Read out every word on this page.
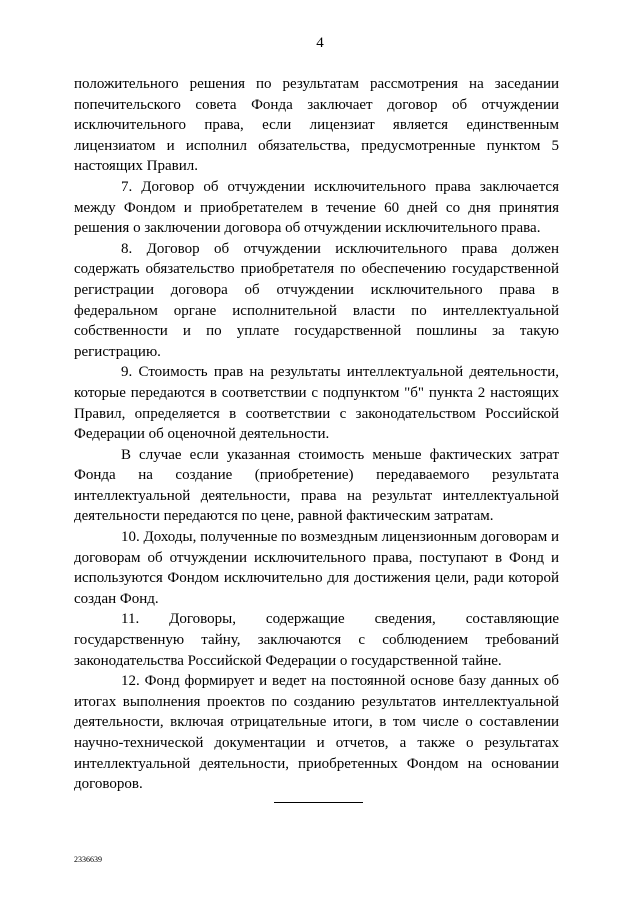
4

положительного решения по результатам рассмотрения на заседании попечительского совета Фонда заключает договор об отчуждении исключительного права, если лицензиат является единственным лицензиатом и исполнил обязательства, предусмотренные пунктом 5 настоящих Правил.

7. Договор об отчуждении исключительного права заключается между Фондом и приобретателем в течение 60 дней со дня принятия решения о заключении договора об отчуждении исключительного права.

8. Договор об отчуждении исключительного права должен содержать обязательство приобретателя по обеспечению государственной регистрации договора об отчуждении исключительного права в федеральном органе исполнительной власти по интеллектуальной собственности и по уплате государственной пошлины за такую регистрацию.

9. Стоимость прав на результаты интеллектуальной деятельности, которые передаются в соответствии с подпунктом "б" пункта 2 настоящих Правил, определяется в соответствии с законодательством Российской Федерации об оценочной деятельности.

В случае если указанная стоимость меньше фактических затрат Фонда на создание (приобретение) передаваемого результата интеллектуальной деятельности, права на результат интеллектуальной деятельности передаются по цене, равной фактическим затратам.

10. Доходы, полученные по возмездным лицензионным договорам и договорам об отчуждении исключительного права, поступают в Фонд и используются Фондом исключительно для достижения цели, ради которой создан Фонд.

11. Договоры, содержащие сведения, составляющие государственную тайну, заключаются с соблюдением требований законодательства Российской Федерации о государственной тайне.

12. Фонд формирует и ведет на постоянной основе базу данных об итогах выполнения проектов по созданию результатов интеллектуальной деятельности, включая отрицательные итоги, в том числе о составлении научно-технической документации и отчетов, а также о результатах интеллектуальной деятельности, приобретенных Фондом на основании договоров.

2336639
